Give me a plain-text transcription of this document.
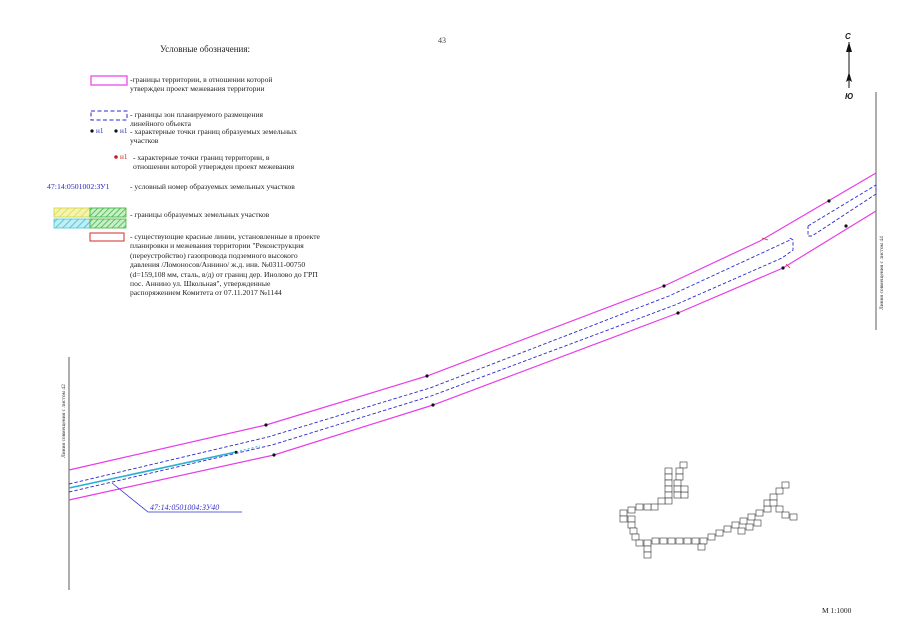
43
Условные обозначения:
-границы территории, в отношении которой утвержден проект межевания территории
- границы зон планируемого размещения линейного объекта
н1 н1 - характерные точки границ образуемых земельных участков
н1 - характерные точки границ территории, в отношении которой утвержден проект межевания
47:14:0501002:ЗУ1	- условный номер образуемых земельных участков
- границы образуемых земельных участков
- существующие красные линии, установленные в проекте планировки и межевания территории "Реконструкция (переустройство) газопровода подземного высокого давления /Ломоносов/Аннино/ ж.д. инв. №0311-00750 (d=159,108 мм, сталь, в/д) от границ дер. Инолово до ГРП пос. Аннино ул. Школьная", утвержденные распоряжением Комитета от 07.11.2017 №1144
С
Ю
Линия совмещения с листом 42
Линия совмещения с листом 44
47:14:0501004:ЗУ40
М 1:1000
